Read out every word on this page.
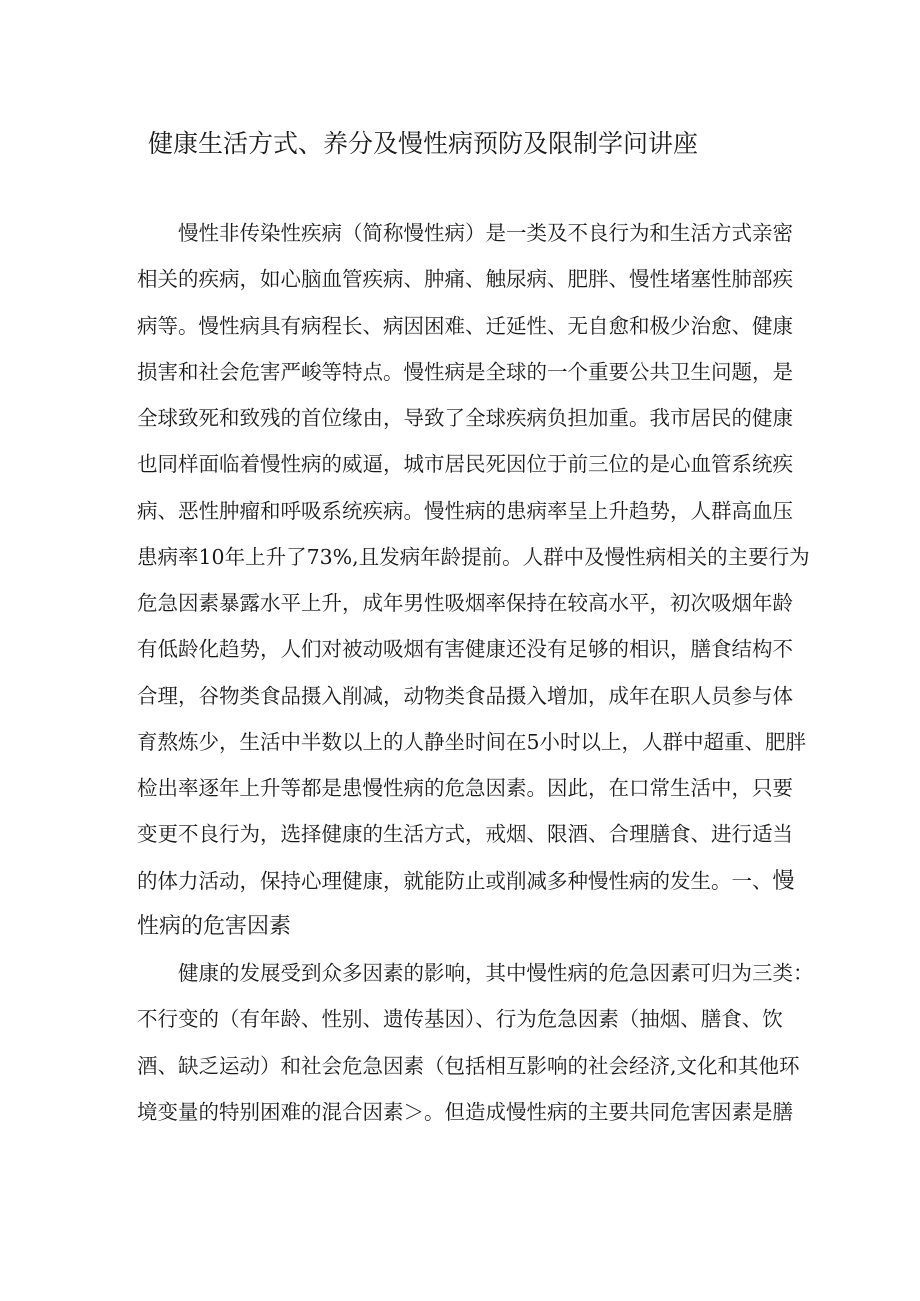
健康生活方式、养分及慢性病预防及限制学问讲座
慢性非传染性疾病（简称慢性病）是一类及不良行为和生活方式亲密
相关的疾病，如心脑血管疾病、肿痛、触尿病、肥胖、慢性堵塞性肺部疾
病等。慢性病具有病程长、病因困难、迁延性、无自愈和极少治愈、健康
损害和社会危害严峻等特点。慢性病是全球的一个重要公共卫生问题，是
全球致死和致残的首位缘由，导致了全球疾病负担加重。我市居民的健康
也同样面临着慢性病的威逼，城市居民死因位于前三位的是心血管系统疾
病、恶性肿瘤和呼吸系统疾病。慢性病的患病率呈上升趋势，人群高血压
患病率10年上升了73%,且发病年龄提前。人群中及慢性病相关的主要行为
危急因素暴露水平上升，成年男性吸烟率保持在较高水平，初次吸烟年龄
有低龄化趋势，人们对被动吸烟有害健康还没有足够的相识，膳食结构不
合理，谷物类食品摄入削减，动物类食品摄入增加，成年在职人员参与体
育熬炼少，生活中半数以上的人静坐时间在5小时以上，人群中超重、肥胖
检出率逐年上升等都是患慢性病的危急因素。因此，在口常生活中，只要
变更不良行为，选择健康的生活方式，戒烟、限酒、合理膳食、进行适当
的体力活动，保持心理健康，就能防止或削减多种慢性病的发生。一、慢
性病的危害因素
健康的发展受到众多因素的影响，其中慢性病的危急因素可归为三类：
不行变的（有年龄、性别、遗传基因）、行为危急因素（抽烟、膳食、饮
酒、缺乏运动）和社会危急因素（包括相互影响的社会经济,文化和其他环
境变量的特别困难的混合因素＞。但造成慢性病的主要共同危害因素是膳
